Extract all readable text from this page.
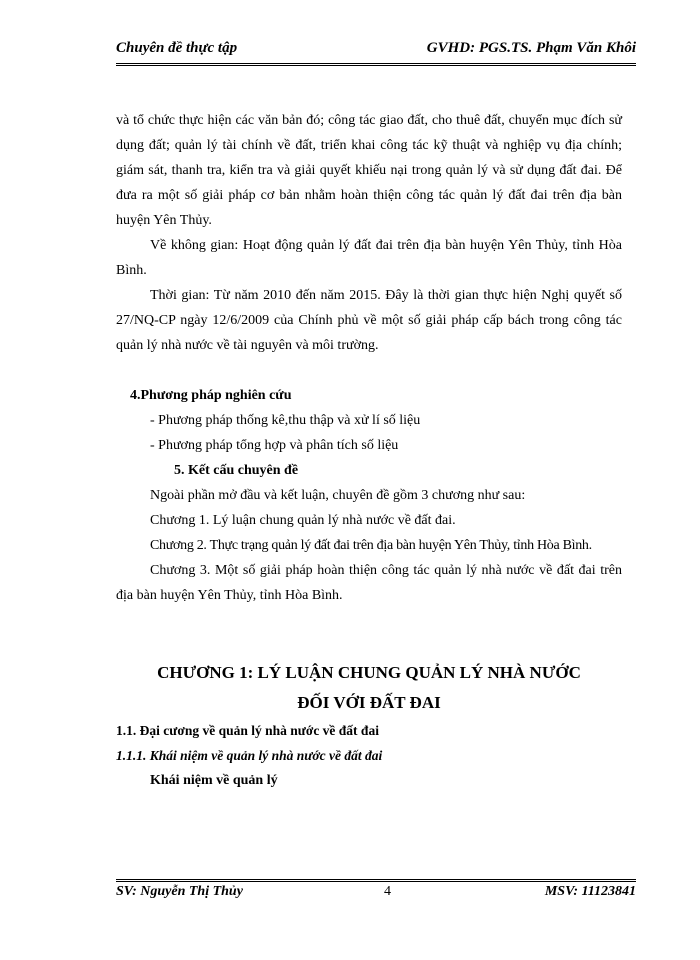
Chuyên đề thực tập	GVHD: PGS.TS. Phạm Văn Khôi

và tổ chức thực hiện các văn bản đó; công tác giao đất, cho thuê đất, chuyển mục đích sử dụng đất; quản lý tài chính về đất, triển khai công tác kỹ thuật và nghiệp vụ địa chính; giám sát, thanh tra, kiển tra và giải quyết khiếu nại trong quản lý và sử dụng đất đai. Để đưa ra một số giải pháp cơ bản nhằm hoàn thiện công tác quản lý đất đai trên địa bàn huyện Yên Thủy.

Về không gian: Hoạt động quản lý đất đai trên địa bàn huyện Yên Thủy, tỉnh Hòa Bình.

Thời gian: Từ năm 2010 đến năm 2015. Đây là thời gian thực hiện Nghị quyết số 27/NQ-CP ngày 12/6/2009 của Chính phủ về một số giải pháp cấp bách trong công tác quản lý nhà nước về tài nguyên và môi trường.

4.Phương pháp nghiên cứu

- Phương pháp thống kê,thu thập và xử lí số liệu

- Phương pháp tổng hợp và phân tích số liệu

5. Kết cấu chuyên đề

Ngoài phần mở đầu và kết luận, chuyên đề gồm 3 chương như sau:

Chương 1. Lý luận chung quản lý nhà nước về đất đai.

Chương 2. Thực trạng quản lý đất đai trên địa bàn huyện Yên Thủy, tỉnh Hòa Bình.

Chương 3. Một số giải pháp hoàn thiện công tác quản lý nhà nước về đất đai trên địa bàn huyện Yên Thủy, tỉnh Hòa Bình.

CHƯƠNG 1: LÝ LUẬN CHUNG QUẢN LÝ NHÀ NƯỚC

ĐỐI VỚI ĐẤT ĐAI

1.1. Đại cương về quản lý nhà nước về đất đai

1.1.1. Khái niệm về quản lý nhà nước về đất đai

Khái niệm về quản lý

SV: Nguyễn Thị Thủy	4	MSV: 11123841
